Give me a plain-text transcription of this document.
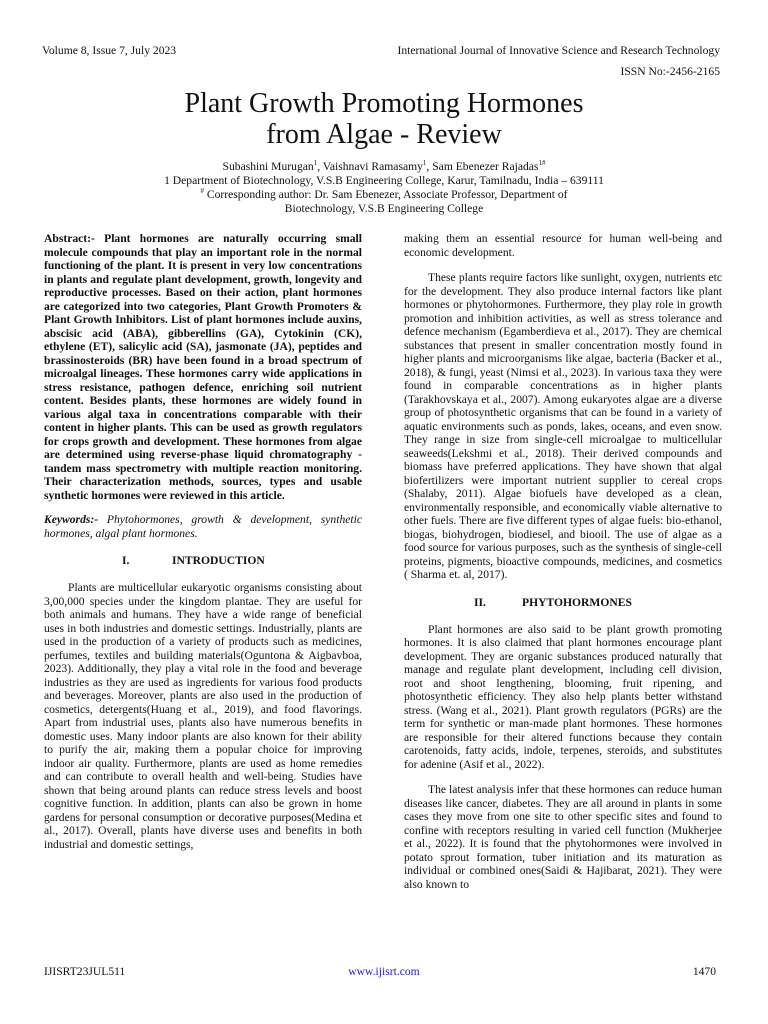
Volume 8, Issue 7, July 2023	International Journal of Innovative Science and Research Technology
ISSN No:-2456-2165
Plant Growth Promoting Hormones
from Algae - Review
Subashini Murugan$^1$, Vaishnavi Ramasamy$^1$, Sam Ebenezer Rajadas$^{1\#}$
1 Department of Biotechnology, V.S.B Engineering College, Karur, Tamilnadu, India – 639111
# Corresponding author: Dr. Sam Ebenezer, Associate Professor, Department of
Biotechnology, V.S.B Engineering College

Abstract:- Plant hormones are naturally occurring small molecule compounds that play an important role in the normal functioning of the plant. It is present in very low concentrations in plants and regulate plant development, growth, longevity and reproductive processes. Based on their action, plant hormones are categorized into two categories, Plant Growth Promoters & Plant Growth Inhibitors. List of plant hormones include auxins, abscisic acid (ABA), gibberellins (GA), Cytokinin (CK), ethylene (ET), salicylic acid (SA), jasmonate (JA), peptides and brassinosteroids (BR) have been found in a broad spectrum of microalgal lineages. These hormones carry wide applications in stress resistance, pathogen defence, enriching soil nutrient content. Besides plants, these hormones are widely found in various algal taxa in concentrations comparable with their content in higher plants. This can be used as growth regulators for crops growth and development. These hormones from algae are determined using reverse-phase liquid chromatography - tandem mass spectrometry with multiple reaction monitoring. Their characterization methods, sources, types and usable synthetic hormones were reviewed in this article.

Keywords:- Phytohormones, growth & development, synthetic hormones, algal plant hormones.

I.	INTRODUCTION

Plants are multicellular eukaryotic organisms consisting about 3,00,000 species under the kingdom plantae. They are useful for both animals and humans. They have a wide range of beneficial uses in both industries and domestic settings. Industrially, plants are used in the production of a variety of products such as medicines, perfumes, textiles and building materials(Oguntona & Aigbavboa, 2023). Additionally, they play a vital role in the food and beverage industries as they are used as ingredients for various food products and beverages. Moreover, plants are also used in the production of cosmetics, detergents(Huang et al., 2019), and food flavorings. Apart from industrial uses, plants also have numerous benefits in domestic uses. Many indoor plants are also known for their ability to purify the air, making them a popular choice for improving indoor air quality. Furthermore, plants are used as home remedies and can contribute to overall health and well-being. Studies have shown that being around plants can reduce stress levels and boost cognitive function. In addition, plants can also be grown in home gardens for personal consumption or decorative purposes(Medina et al., 2017). Overall, plants have diverse uses and benefits in both industrial and domestic settings,

making them an essential resource for human well-being and economic development.

These plants require factors like sunlight, oxygen, nutrients etc for the development. They also produce internal factors like plant hormones or phytohormones. Furthermore, they play role in growth promotion and inhibition activities, as well as stress tolerance and defence mechanism (Egamberdieva et al., 2017). They are chemical substances that present in smaller concentration mostly found in higher plants and microorganisms like algae, bacteria (Backer et al., 2018), & fungi, yeast (Nimsi et al., 2023). In various taxa they were found in comparable concentrations as in higher plants (Tarakhovskaya et al., 2007). Among eukaryotes algae are a diverse group of photosynthetic organisms that can be found in a variety of aquatic environments such as ponds, lakes, oceans, and even snow. They range in size from single-cell microalgae to multicellular seaweeds(Lekshmi et al., 2018). Their derived compounds and biomass have preferred applications. They have shown that algal biofertilizers were important nutrient supplier to cereal crops (Shalaby, 2011). Algae biofuels have developed as a clean, environmentally responsible, and economically viable alternative to other fuels. There are five different types of algae fuels: bio-ethanol, biogas, biohydrogen, biodiesel, and biooil. The use of algae as a food source for various purposes, such as the synthesis of single-cell proteins, pigments, bioactive compounds, medicines, and cosmetics ( Sharma et. al, 2017).

II.	PHYTOHORMONES

Plant hormones are also said to be plant growth promoting hormones. It is also claimed that plant hormones encourage plant development. They are organic substances produced naturally that manage and regulate plant development, including cell division, root and shoot lengthening, blooming, fruit ripening, and photosynthetic efficiency. They also help plants better withstand stress. (Wang et al., 2021). Plant growth regulators (PGRs) are the term for synthetic or man-made plant hormones. These hormones are responsible for their altered functions because they contain carotenoids, fatty acids, indole, terpenes, steroids, and substitutes for adenine (Asif et al., 2022).

The latest analysis infer that these hormones can reduce human diseases like cancer, diabetes. They are all around in plants in some cases they move from one site to other specific sites and found to confine with receptors resulting in varied cell function (Mukherjee et al., 2022). It is found that the phytohormones were involved in potato sprout formation, tuber initiation and its maturation as individual or combined ones(Saidi & Hajibarat, 2021). They were also known to

IJISRT23JUL511	www.ijisrt.com	1470
